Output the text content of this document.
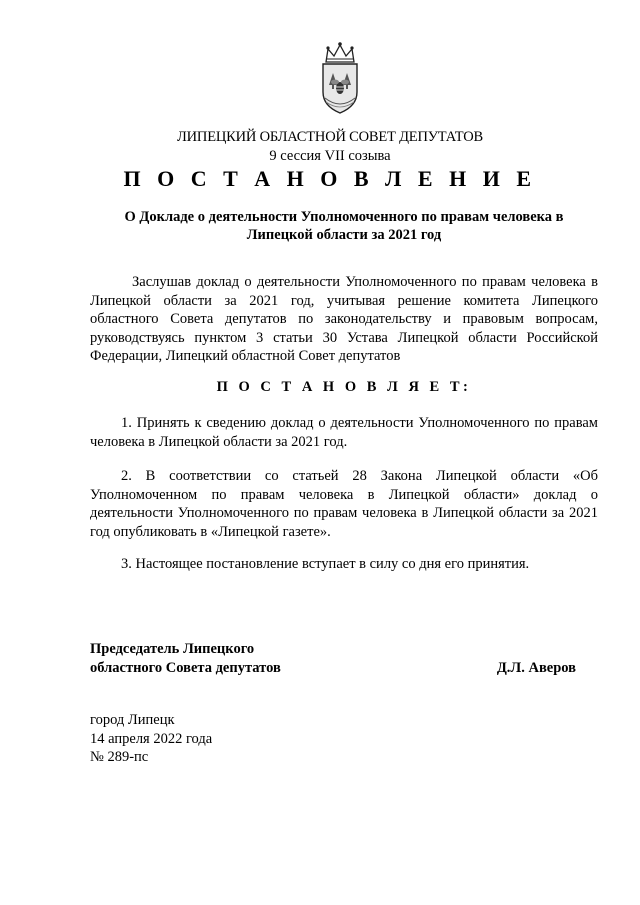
ЛИПЕЦКИЙ ОБЛАСТНОЙ СОВЕТ ДЕПУТАТОВ
9 сессия VII созыва
П О С Т А Н О В Л Е Н И Е
О Докладе о деятельности Уполномоченного по правам человека в
Липецкой области за 2021 год
Заслушав доклад о деятельности Уполномоченного по правам человека в Липецкой области за 2021 год, учитывая решение комитета Липецкого областного Совета депутатов по законодательству и правовым вопросам, руководствуясь пунктом 3 статьи 30 Устава Липецкой области Российской Федерации, Липецкий областной Совет депутатов
П О С Т А Н О В Л Я Е Т:
1. Принять к сведению доклад о деятельности Уполномоченного по правам человека в Липецкой области за 2021 год.
2. В соответствии со статьей 28 Закона Липецкой области «Об Уполномоченном по правам человека в Липецкой области» доклад о деятельности Уполномоченного по правам человека в Липецкой области за 2021 год опубликовать в «Липецкой газете».
3. Настоящее постановление вступает в силу со дня его принятия.
Председатель Липецкого
областного Совета депутатов	Д.Л. Аверов
город Липецк
14 апреля 2022 года
№ 289-пс
